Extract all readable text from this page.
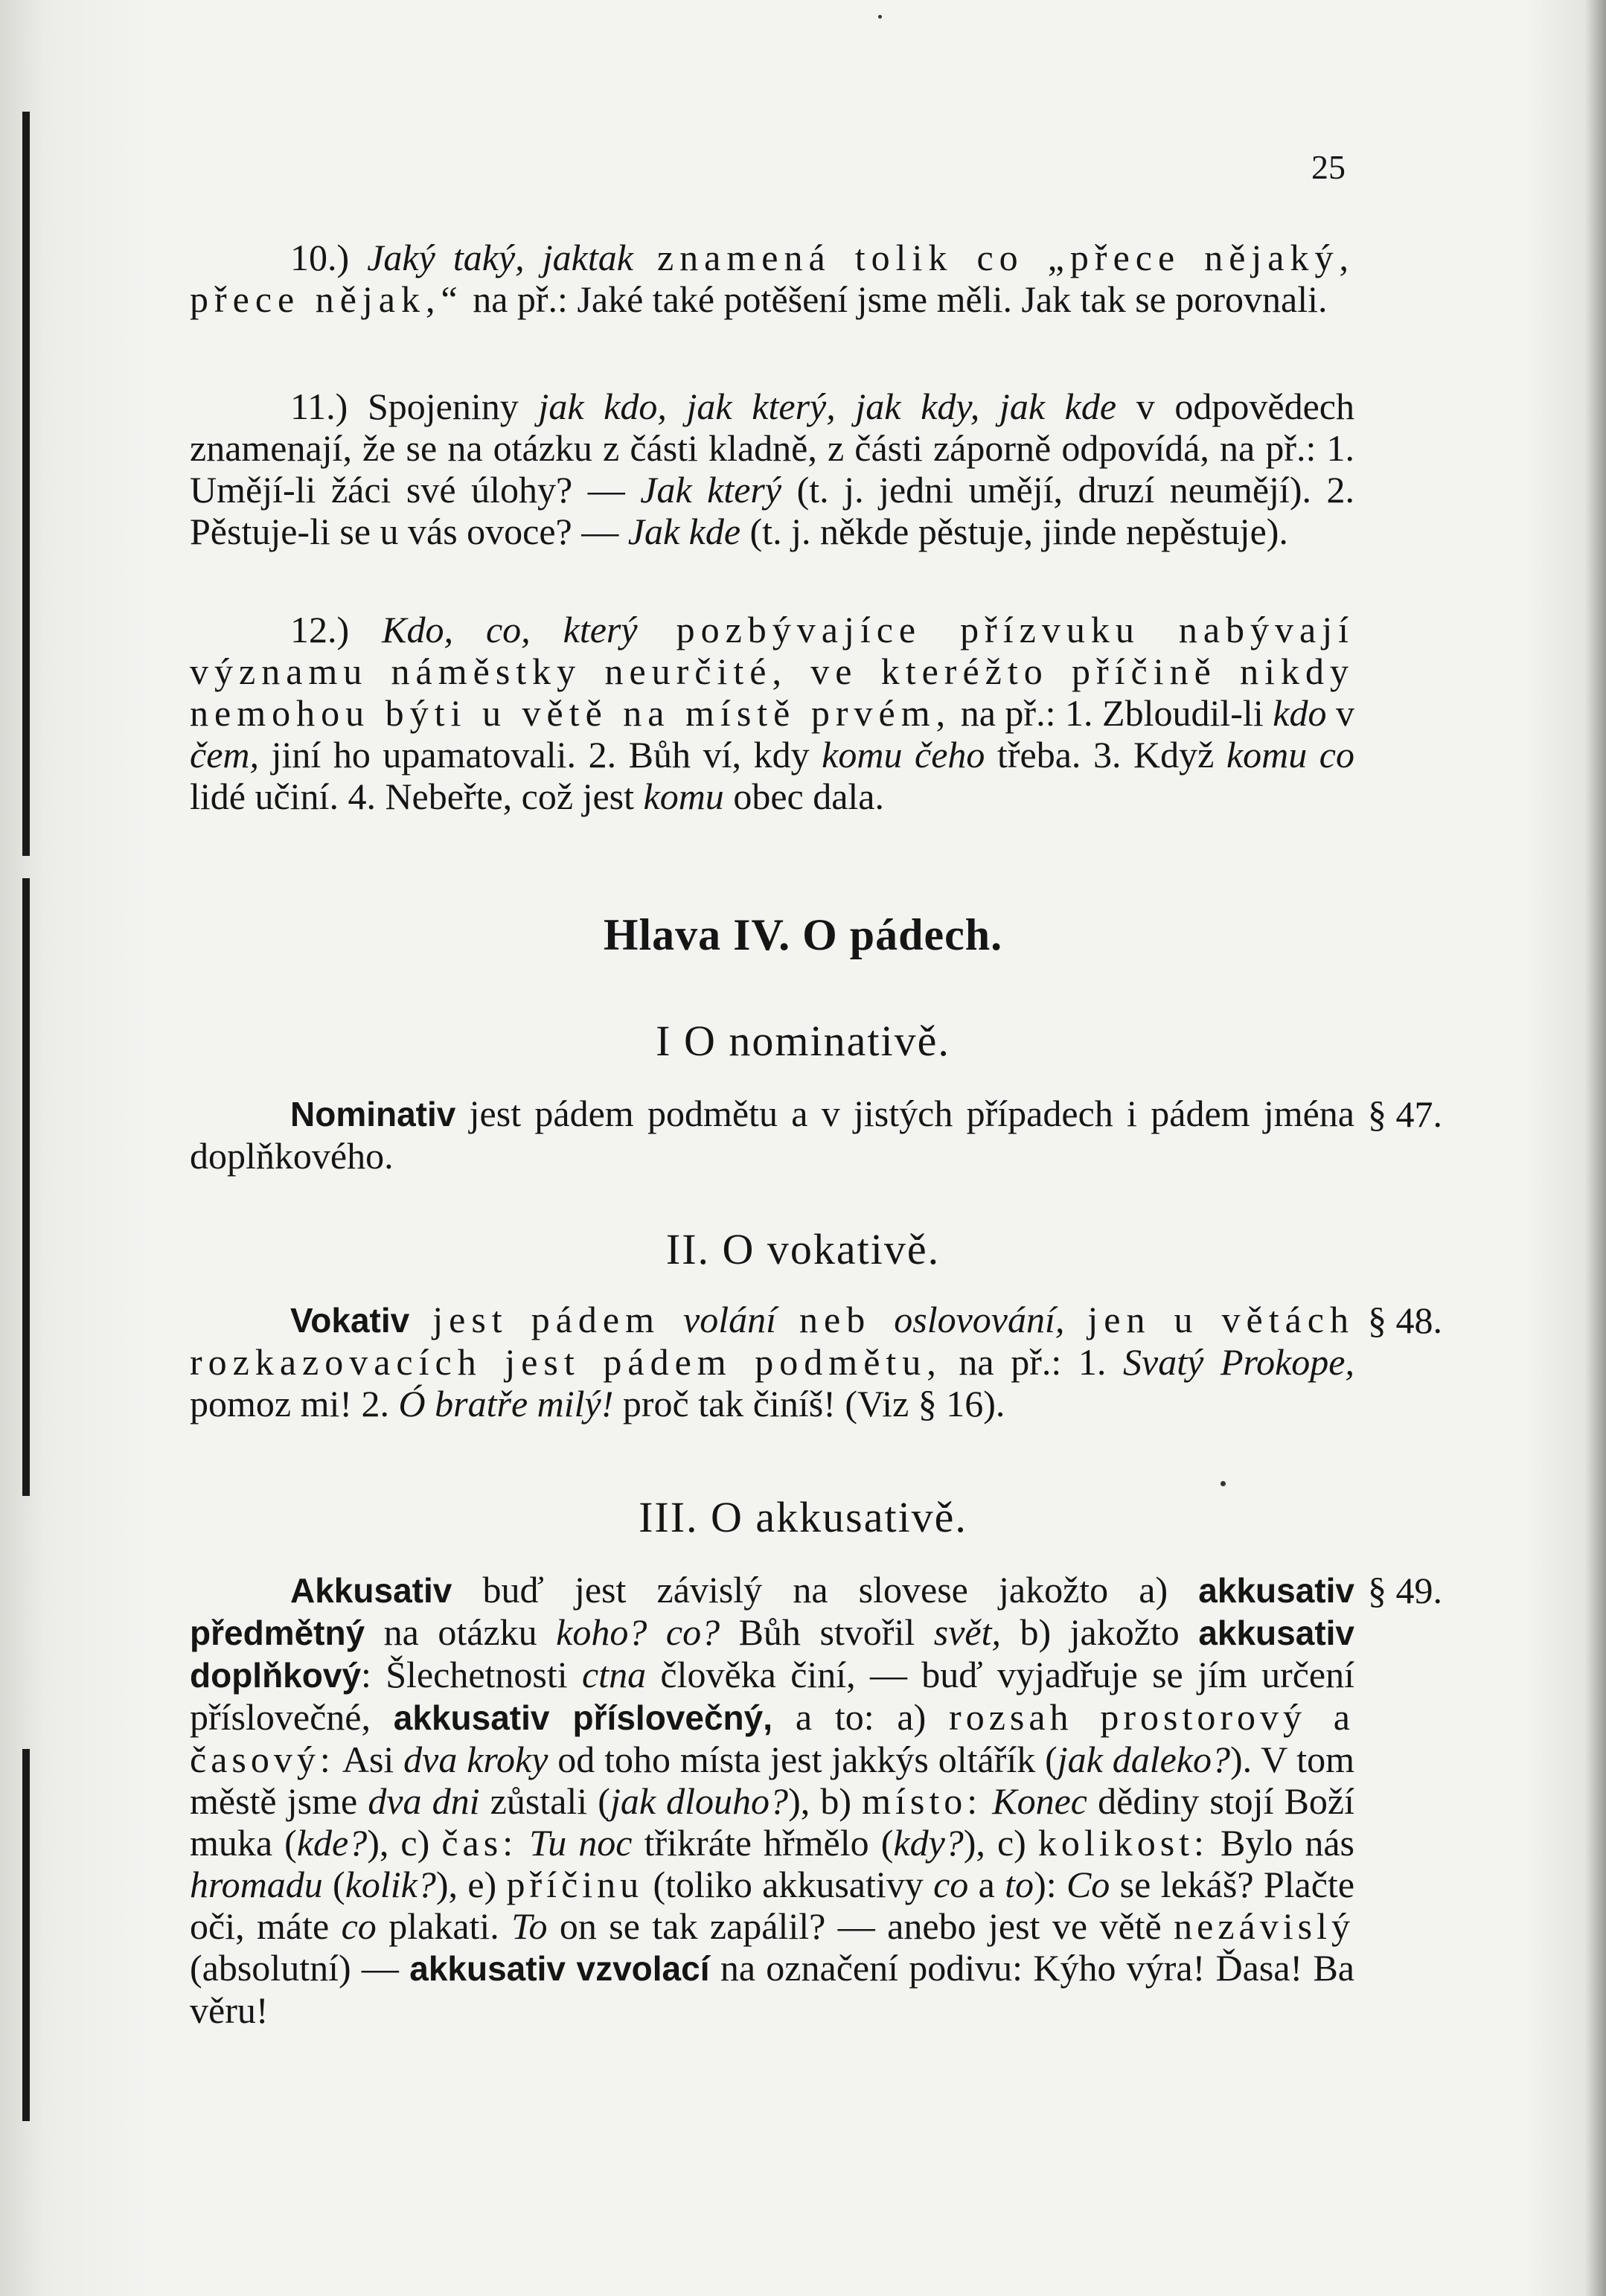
25

10.) Jaký taký, jaktak znamená tolik co „přece nějaký, přece nějak,“ na př.: Jaké také potěšení jsme měli. Jak tak se porovnali.

11.) Spojeniny jak kdo, jak který, jak kdy, jak kde v odpovědech znamenají, že se na otázku z části kladně, z části záporně odpovídá, na př.: 1. Umějí-li žáci své úlohy? — Jak který (t. j. jedni umějí, druzí neumějí). 2. Pěstuje-li se u vás ovoce? — Jak kde (t. j. někde pěstuje, jinde nepěstuje).

12.) Kdo, co, který pozbývajíce přízvuku nabývají významu náměstky neurčité, ve kteréžto příčině nikdy nemohou býti u větě na místě prvém, na př.: 1. Zbloudil-li kdo v čem, jiní ho upamatovali. 2. Bůh ví, kdy komu čeho třeba. 3. Když komu co lidé učiní. 4. Nebeřte, což jest komu obec dala.

Hlava IV. O pádech.
I O nominativě.

Nominativ jest pádem podmětu a v jistých případech i pádem jména doplňkového.

§ 47.
II. O vokativě.

Vokativ jest pádem volání neb oslovování, jen u větách rozkazovacích jest pádem podmětu, na př.: 1. Svatý Prokope, pomoz mi! 2. Ó bratře milý! proč tak činíš! (Viz § 16).

§ 48.
III. O akkusativě.

Akkusativ buď jest závislý na slovese jakožto a) akkusativ předmětný na otázku koho? co? Bůh stvořil svět, b) jakožto akkusativ doplňkový: Šlechetnosti ctna člověka činí, — buď vyjadřuje se jím určení příslovečné, akkusativ příslovečný, a to: a) rozsah prostorový a časový: Asi dva kroky od toho místa jest jakkýs oltářík (jak daleko?). V tom městě jsme dva dni zůstali (jak dlouho?), b) místo: Konec dědiny stojí Boží muka (kde?), c) čas: Tu noc třikráte hřmělo (kdy?), c) kolikost: Bylo nás hromadu (kolik?), e) příčinu (toliko akkusativy co a to): Co se lekáš? Plačte oči, máte co plakati. To on se tak zapálil? — anebo jest ve větě nezávislý (absolutní) — akkusativ vzvolací na označení podivu: Kýho výra! Ďasa! Ba věru!

§ 49.
